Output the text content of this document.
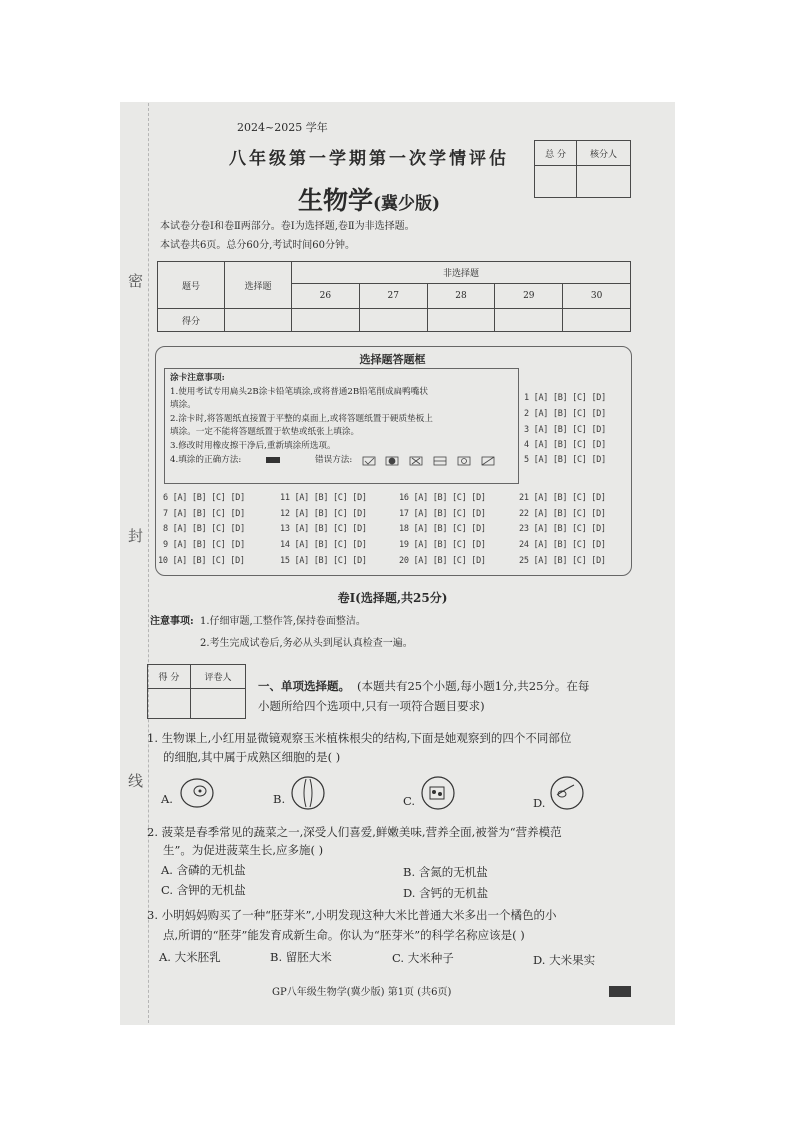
密
封
线
2024~2025 学年
八年级第一学期第一次学情评估
生物学(冀少版)
总 分	核分人

本试卷分卷Ⅰ和卷Ⅱ两部分。卷Ⅰ为选择题,卷Ⅱ为非选择题。
本试卷共6页。总分60分,考试时间60分钟。
题号	选择题	非选择题				
		26	27	28	29	30
得分						
选择题答题框
涂卡注意事项:
1.使用考试专用扁头2B涂卡铅笔填涂,或将普通2B铅笔削成扁鸭嘴状
填涂。
2.涂卡时,将答题纸直接置于平整的桌面上,或将答题纸置于硬质垫板上
填涂。一定不能将答题纸置于软垫或纸张上填涂。
3.修改时用橡皮擦干净后,重新填涂所选项。
4.填涂的正确方法:	错误方法:
1 [A] [B] [C] [D]
2 [A] [B] [C] [D]
3 [A] [B] [C] [D]
4 [A] [B] [C] [D]
5 [A] [B] [C] [D]
6 [A] [B] [C] [D]
7 [A] [B] [C] [D]
8 [A] [B] [C] [D]
9 [A] [B] [C] [D]
10 [A] [B] [C] [D]
11 [A] [B] [C] [D]
12 [A] [B] [C] [D]
13 [A] [B] [C] [D]
14 [A] [B] [C] [D]
15 [A] [B] [C] [D]
16 [A] [B] [C] [D]
17 [A] [B] [C] [D]
18 [A] [B] [C] [D]
19 [A] [B] [C] [D]
20 [A] [B] [C] [D]
21 [A] [B] [C] [D]
22 [A] [B] [C] [D]
23 [A] [B] [C] [D]
24 [A] [B] [C] [D]
25 [A] [B] [C] [D]
卷Ⅰ(选择题,共25分)
注意事项: 1.仔细审题,工整作答,保持卷面整洁。
2.考生完成试卷后,务必从头到尾认真检查一遍。
得 分	评卷人

一、单项选择题。 (本题共有25个小题,每小题1分,共25分。在每
小题所给四个选项中,只有一项符合题目要求)
1. 生物课上,小红用显微镜观察玉米植株根尖的结构,下面是她观察到的四个不同部位
的细胞,其中属于成熟区细胞的是( )
A.	B.	C.	D.
2. 菠菜是春季常见的蔬菜之一,深受人们喜爱,鲜嫩美味,营养全面,被誉为“营养模范
生”。为促进菠菜生长,应多施( )
A. 含磷的无机盐	B. 含氮的无机盐
C. 含钾的无机盐	D. 含钙的无机盐
3. 小明妈妈购买了一种“胚芽米”,小明发现这种大米比普通大米多出一个橘色的小
点,所谓的“胚芽”能发育成新生命。你认为“胚芽米”的科学名称应该是( )
A. 大米胚乳	B. 留胚大米	C. 大米种子	D. 大米果实
GP八年级生物学(冀少版) 第1页 (共6页)
